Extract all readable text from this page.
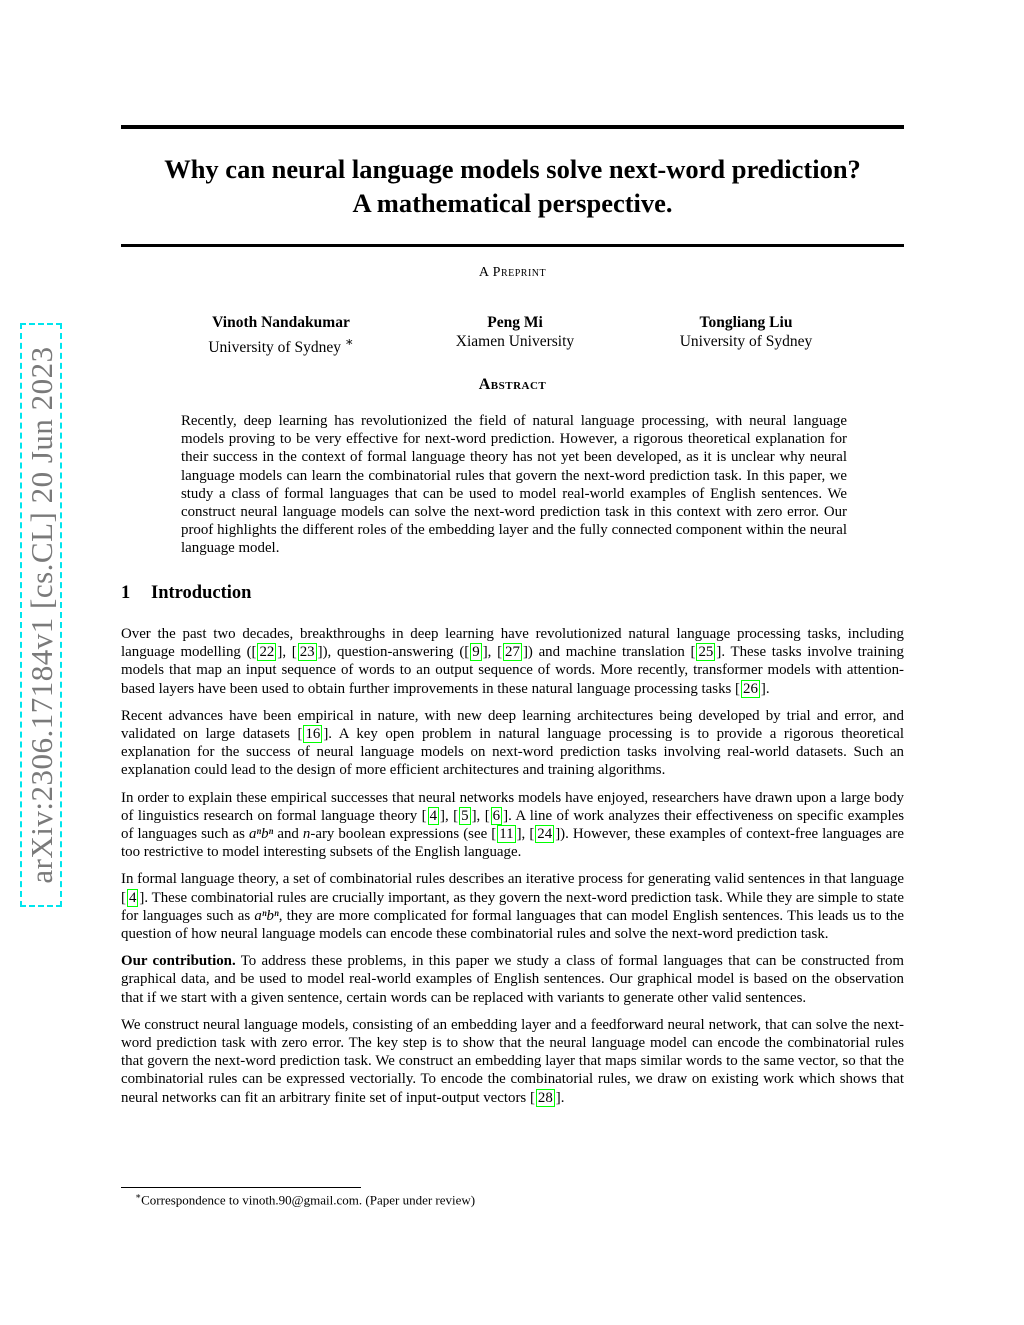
arXiv:2306.17184v1 [cs.CL] 20 Jun 2023
Why can neural language models solve next-word prediction?
A mathematical perspective.
A Preprint
Vinoth Nandakumar
University of Sydney ∗
Peng Mi
Xiamen University
Tongliang Liu
University of Sydney
Abstract

Recently, deep learning has revolutionized the field of natural language processing, with neural language models proving to be very effective for next-word prediction. However, a rigorous theoretical explanation for their success in the context of formal language theory has not yet been developed, as it is unclear why neural language models can learn the combinatorial rules that govern the next-word prediction task. In this paper, we study a class of formal languages that can be used to model real-world examples of English sentences. We construct neural language models can solve the next-word prediction task in this context with zero error. Our proof highlights the different roles of the embedding layer and the fully connected component within the neural language model.

1 Introduction

Over the past two decades, breakthroughs in deep learning have revolutionized natural language processing tasks, including language modelling ([ 22 ], [ 23 ]), question-answering ([ 9 ], [ 27 ]) and machine translation [ 25 ]. These tasks involve training models that map an input sequence of words to an output sequence of words. More recently, transformer models with attention-based layers have been used to obtain further improvements in these natural language processing tasks [ 26 ].

Recent advances have been empirical in nature, with new deep learning architectures being developed by trial and error, and validated on large datasets [ 16 ]. A key open problem in natural language processing is to provide a rigorous theoretical explanation for the success of neural language models on next-word prediction tasks involving real-world datasets. Such an explanation could lead to the design of more efficient architectures and training algorithms.

In order to explain these empirical successes that neural networks models have enjoyed, researchers have drawn upon a large body of linguistics research on formal language theory [ 4 ], [ 5 ], [ 6 ]. A line of work analyzes their effectiveness on specific examples of languages such as aⁿbⁿ and n-ary boolean expressions (see [ 11 ], [ 24 ]). However, these examples of context-free languages are too restrictive to model interesting subsets of the English language.

In formal language theory, a set of combinatorial rules describes an iterative process for generating valid sentences in that language [ 4 ]. These combinatorial rules are crucially important, as they govern the next-word prediction task. While they are simple to state for languages such as aⁿbⁿ, they are more complicated for formal languages that can model English sentences. This leads us to the question of how neural language models can encode these combinatorial rules and solve the next-word prediction task.

Our contribution. To address these problems, in this paper we study a class of formal languages that can be constructed from graphical data, and be used to model real-world examples of English sentences. Our graphical model is based on the observation that if we start with a given sentence, certain words can be replaced with variants to generate other valid sentences.

We construct neural language models, consisting of an embedding layer and a feedforward neural network, that can solve the next-word prediction task with zero error. The key step is to show that the neural language model can encode the combinatorial rules that govern the next-word prediction task. We construct an embedding layer that maps similar words to the same vector, so that the combinatorial rules can be expressed vectorially. To encode the combinatorial rules, we draw on existing work which shows that neural networks can fit an arbitrary finite set of input-output vectors [ 28 ].

∗Correspondence to vinoth.90@gmail.com. (Paper under review)
